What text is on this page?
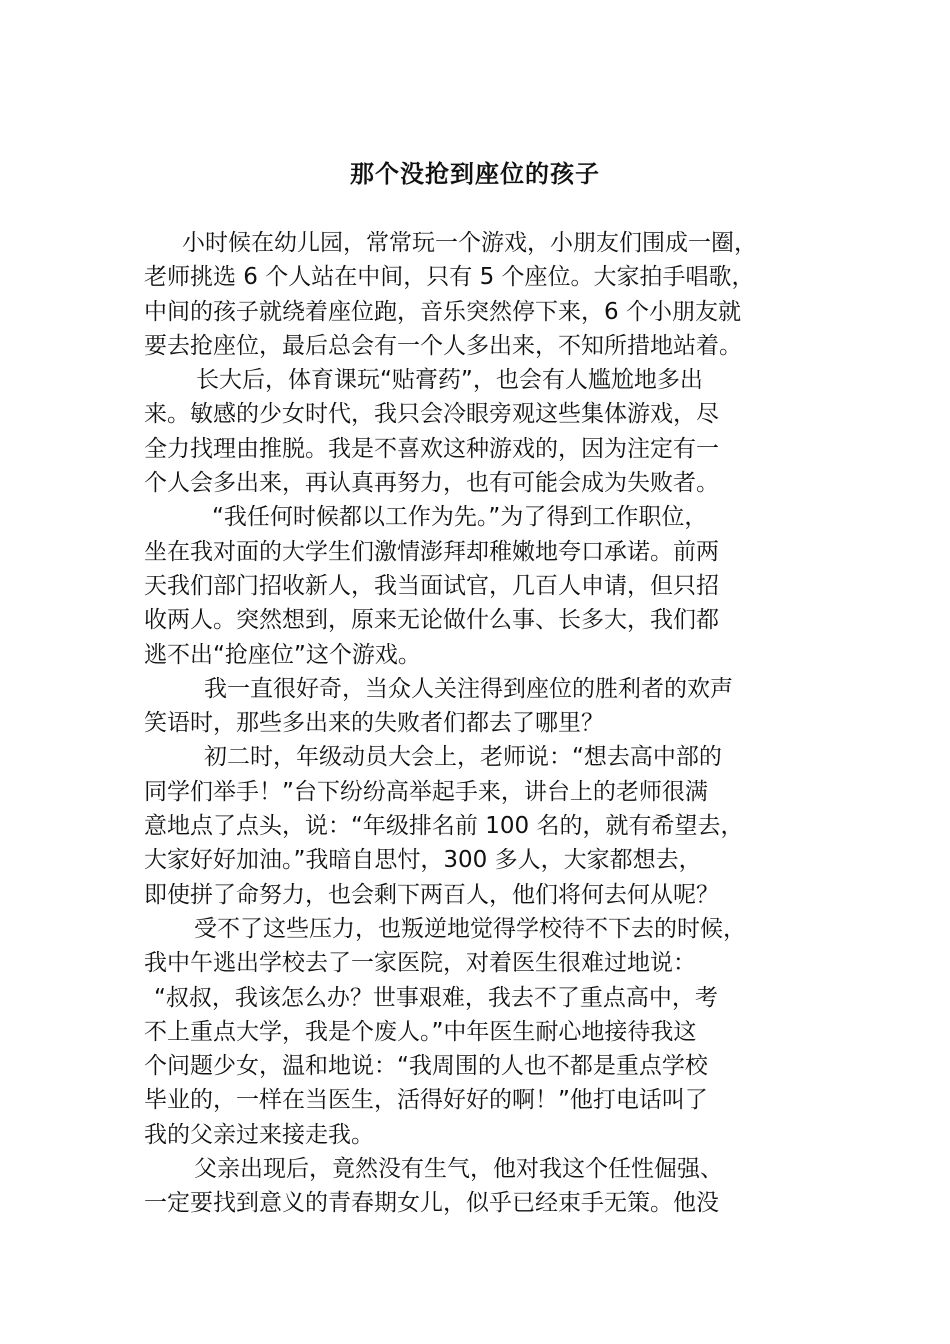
那个没抢到座位的孩子
小时候在幼儿园，常常玩一个游戏，小朋友们围成一圈，
老师挑选 6 个人站在中间，只有 5 个座位。大家拍手唱歌，
中间的孩子就绕着座位跑，音乐突然停下来，6 个小朋友就
要去抢座位，最后总会有一个人多出来，不知所措地站着。
长大后，体育课玩“贴膏药”，也会有人尴尬地多出
来。敏感的少女时代，我只会冷眼旁观这些集体游戏，尽
全力找理由推脱。我是不喜欢这种游戏的，因为注定有一
个人会多出来，再认真再努力，也有可能会成为失败者。
“我任何时候都以工作为先。”为了得到工作职位，
坐在我对面的大学生们激情澎拜却稚嫩地夸口承诺。前两
天我们部门招收新人，我当面试官，几百人申请，但只招
收两人。突然想到，原来无论做什么事、长多大，我们都
逃不出“抢座位”这个游戏。
我一直很好奇，当众人关注得到座位的胜利者的欢声
笑语时，那些多出来的失败者们都去了哪里？
初二时，年级动员大会上，老师说：“想去高中部的
同学们举手！”台下纷纷高举起手来，讲台上的老师很满
意地点了点头，说：“年级排名前 100 名的，就有希望去，
大家好好加油。”我暗自思忖，300 多人，大家都想去，
即使拼了命努力，也会剩下两百人，他们将何去何从呢？
受不了这些压力，也叛逆地觉得学校待不下去的时候，
我中午逃出学校去了一家医院，对着医生很难过地说：
“叔叔，我该怎么办？世事艰难，我去不了重点高中，考
不上重点大学，我是个废人。”中年医生耐心地接待我这
个问题少女，温和地说：“我周围的人也不都是重点学校
毕业的，一样在当医生，活得好好的啊！”他打电话叫了
我的父亲过来接走我。
父亲出现后，竟然没有生气，他对我这个任性倔强、
一定要找到意义的青春期女儿，似乎已经束手无策。他没
